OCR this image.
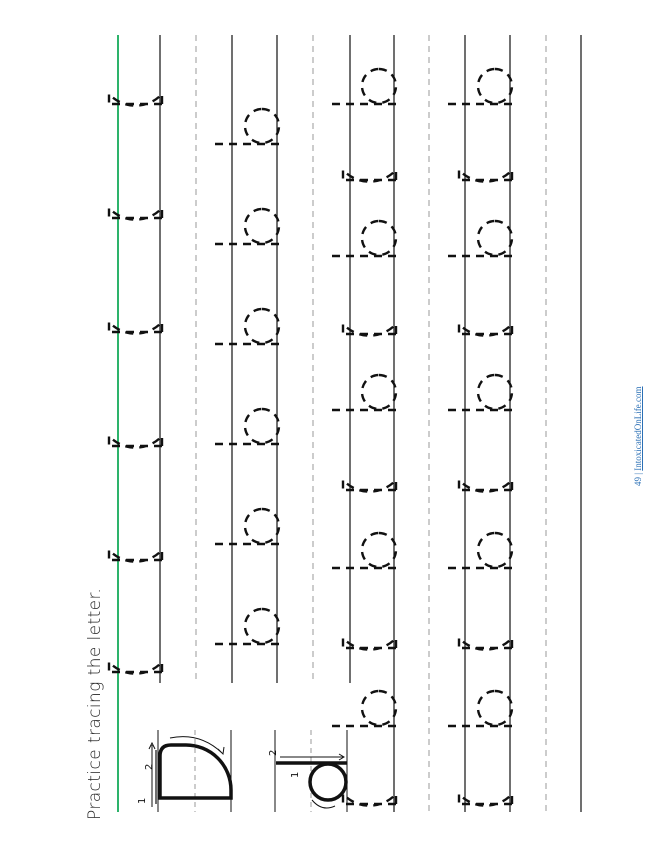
1
2
1
2
Practice tracing the letter.
49 | IntoxicatedOnLife.com
